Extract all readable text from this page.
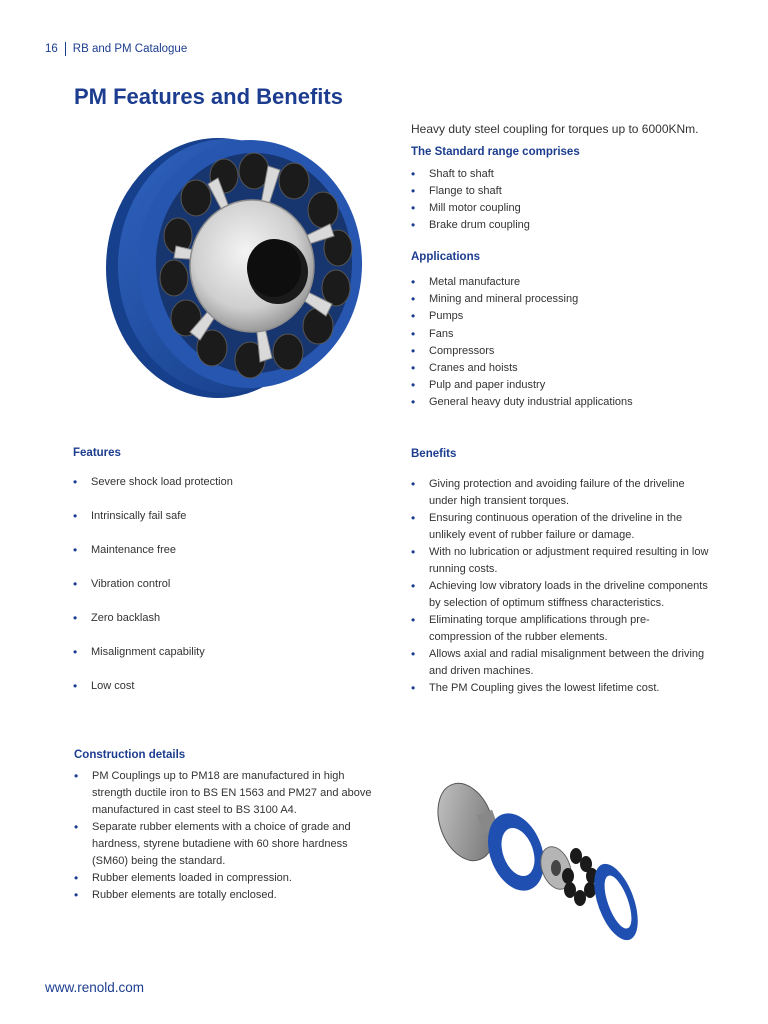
16 RB and PM Catalogue
PM Features and Benefits
Heavy duty steel coupling for torques up to 6000KNm.
The Standard range comprises
• Shaft to shaft
• Flange to shaft
• Mill motor coupling
• Brake drum coupling
Applications
• Metal manufacture
• Mining and mineral processing
• Pumps
• Fans
• Compressors
• Cranes and hoists
• Pulp and paper industry
• General heavy duty industrial applications
Features
• Severe shock load protection
• Intrinsically fail safe
• Maintenance free
• Vibration control
• Zero backlash
• Misalignment capability
• Low cost
Benefits
• Giving protection and avoiding failure of the driveline under high transient torques.
• Ensuring continuous operation of the driveline in the unlikely event of rubber failure or damage.
• With no lubrication or adjustment required resulting in low running costs.
• Achieving low vibratory loads in the driveline components by selection of optimum stiffness characteristics.
• Eliminating torque amplifications through pre-compression of the rubber elements.
• Allows axial and radial misalignment between the driving and driven machines.
• The PM Coupling gives the lowest lifetime cost.
Construction details
• PM Couplings up to PM18 are manufactured in high strength ductile iron to BS EN 1563 and PM27 and above manufactured in cast steel to BS 3100 A4.
• Separate rubber elements with a choice of grade and hardness, styrene butadiene with 60 shore hardness (SM60) being the standard.
• Rubber elements loaded in compression.
• Rubber elements are totally enclosed.
www.renold.com
